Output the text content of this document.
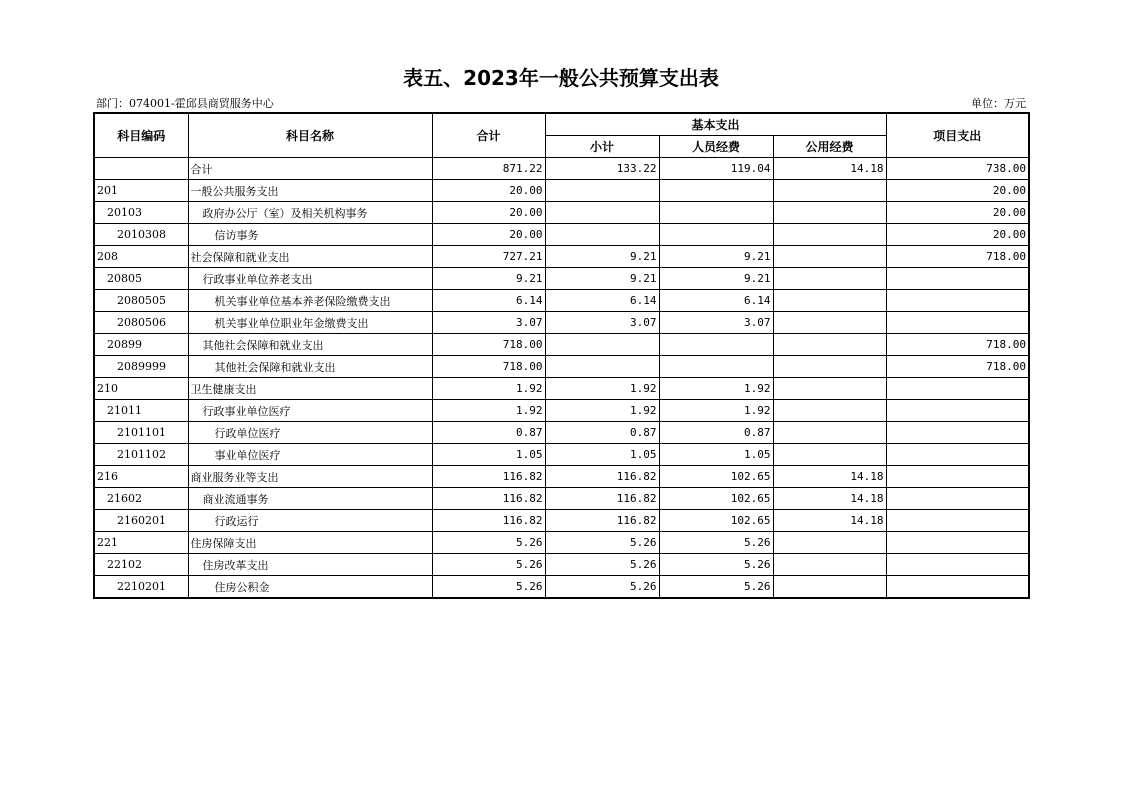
表五、2023年一般公共预算支出表
部门：074001-霍邱县商贸服务中心	单位：万元
科目编码	科目名称	合计	基本支出			项目支出
			小计	人员经费	公用经费	
	合计	871.22	133.22	119.04	14.18	738.00
201	一般公共服务支出	20.00				20.00
20103	政府办公厅（室）及相关机构事务	20.00				20.00
2010308	信访事务	20.00				20.00
208	社会保障和就业支出	727.21	9.21	9.21		718.00
20805	行政事业单位养老支出	9.21	9.21	9.21		
2080505	机关事业单位基本养老保险缴费支出	6.14	6.14	6.14		
2080506	机关事业单位职业年金缴费支出	3.07	3.07	3.07		
20899	其他社会保障和就业支出	718.00				718.00
2089999	其他社会保障和就业支出	718.00				718.00
210	卫生健康支出	1.92	1.92	1.92		
21011	行政事业单位医疗	1.92	1.92	1.92		
2101101	行政单位医疗	0.87	0.87	0.87		
2101102	事业单位医疗	1.05	1.05	1.05		
216	商业服务业等支出	116.82	116.82	102.65	14.18	
21602	商业流通事务	116.82	116.82	102.65	14.18	
2160201	行政运行	116.82	116.82	102.65	14.18	
221	住房保障支出	5.26	5.26	5.26		
22102	住房改革支出	5.26	5.26	5.26		
2210201	住房公积金	5.26	5.26	5.26		
